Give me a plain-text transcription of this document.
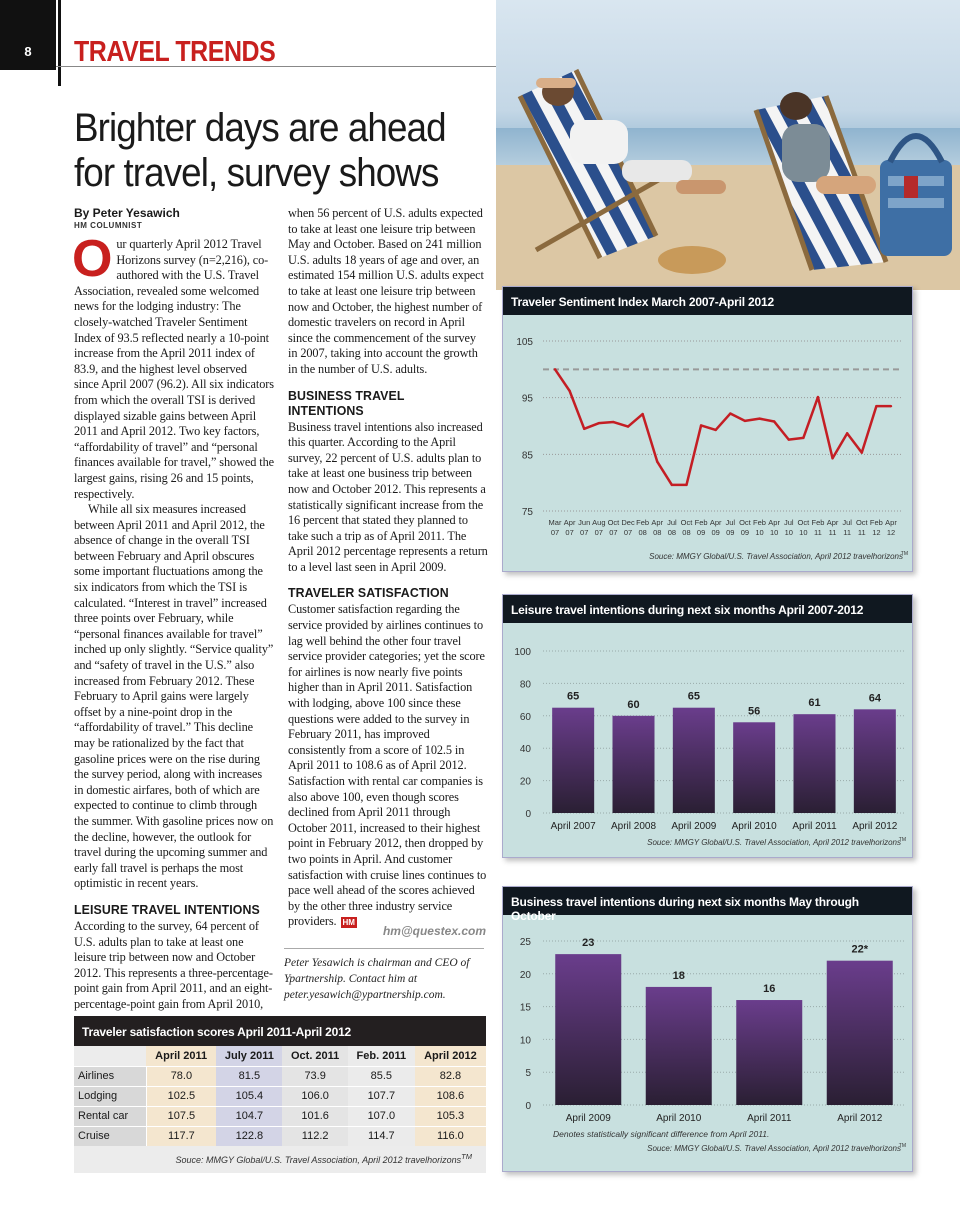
8	TRAVEL TRENDS
Brighter days are ahead for travel, survey shows
By Peter Yesawich
HM COLUMNIST

Our quarterly April 2012 Travel Horizons survey (n=2,216), co-authored with the U.S. Travel Association, revealed some welcomed news for the lodging industry: The closely-watched Traveler Sentiment Index of 93.5 reflected nearly a 10-point increase from the April 2011 index of 83.9, and the highest level observed since April 2007 (96.2). All six indicators from which the overall TSI is derived displayed sizable gains between April 2011 and April 2012. Two key factors, “affordability of travel” and “personal finances available for travel,” showed the largest gains, rising 26 and 15 points, respectively.

While all six measures increased between April 2011 and April 2012, the absence of change in the overall TSI between February and April obscures some important fluctuations among the six indicators from which the TSI is calculated. “Interest in travel” increased three points over February, while “personal finances available for travel” inched up only slightly. “Service quality” and “safety of travel in the U.S.” also increased from February 2012. These February to April gains were largely offset by a nine-point drop in the “affordability of travel.” This decline may be rationalized by the fact that gasoline prices were on the rise during the survey period, along with increases in domestic airfares, both of which are expected to continue to climb through the summer. With gasoline prices now on the decline, however, the outlook for travel during the upcoming summer and early fall travel is perhaps the most optimistic in recent years.

LEISURE TRAVEL INTENTIONS

According to the survey, 64 percent of U.S. adults plan to take at least one leisure trip between now and October 2012. This represents a three-percentage-point gain from April 2011, and an eight-percentage-point gain from April 2010,

when 56 percent of U.S. adults expected to take at least one leisure trip between May and October. Based on 241 million U.S. adults 18 years of age and over, an estimated 154 million U.S. adults expect to take at least one leisure trip between now and October, the highest number of domestic travelers on record in April since the commencement of the survey in 2007, taking into account the growth in the number of U.S. adults.

BUSINESS TRAVEL INTENTIONS

Business travel intentions also increased this quarter. According to the April survey, 22 percent of U.S. adults plan to take at least one business trip between now and October 2012. This represents a statistically significant increase from the 16 percent that stated they planned to take such a trip as of April 2011. The April 2012 percentage represents a return to a level last seen in April 2009.

TRAVELER SATISFACTION

Customer satisfaction regarding the service provided by airlines continues to lag well behind the other four travel service provider categories; yet the score for airlines is now nearly five points higher than in April 2011. Satisfaction with lodging, above 100 since these questions were added to the survey in February 2011, has improved consistently from a score of 102.5 in April 2011 to 108.6 as of April 2012. Satisfaction with rental car companies is also above 100, even though scores declined from April 2011 through October 2011, increased to their highest point in February 2012, then dropped by two points in April. And customer satisfaction with cruise lines continues to pace well ahead of the scores achieved by the other three industry service providers. HM

hm@questex.com
Peter Yesawich is chairman and CEO of Ypartnership. Contact him at peter.yesawich@ypartnership.com.
Traveler Sentiment Index March 2007-April 2012
75
85
95
105
Mar
07
Apr
07
Jun
07
Aug
07
Oct
07
Dec
07
Feb
08
Apr
08
Jul
08
Oct
08
Feb
09
Apr
09
Jul
09
Oct
09
Feb
10
Apr
10
Jul
10
Oct
10
Feb
11
Apr
11
Jul
11
Oct
11
Feb
12
Apr
12
Souce: MMGY Global/U.S. Travel Association, April 2012 travelhorizons
TM
Leisure travel intentions during next six months April 2007-2012
0
20
40
60
80
100
65
April 2007
60
April 2008
65
April 2009
56
April 2010
61
April 2011
64
April 2012
Souce: MMGY Global/U.S. Travel Association, April 2012 travelhorizons
TM
Business travel intentions during next six months May through October
0
5
10
15
20
25	23
April 2009
18
April 2010
16
April 2011
22*
April 2012
Denotes statistically significant difference from April 2011.
Souce: MMGY Global/U.S. Travel Association, April 2012 travelhorizons
TM
Traveler satisfaction scores April 2011-April 2012
	April 2011	July 2011	Oct. 2011	Feb. 2011	April 2012
Airlines	78.0	81.5	73.9	85.5	82.8
Lodging	102.5	105.4	106.0	107.7	108.6
Rental car	107.5	104.7	101.6	107.0	105.3
Cruise	117.7	122.8	112.2	114.7	116.0
Souce: MMGY Global/U.S. Travel Association, April 2012 travelhorizons™
